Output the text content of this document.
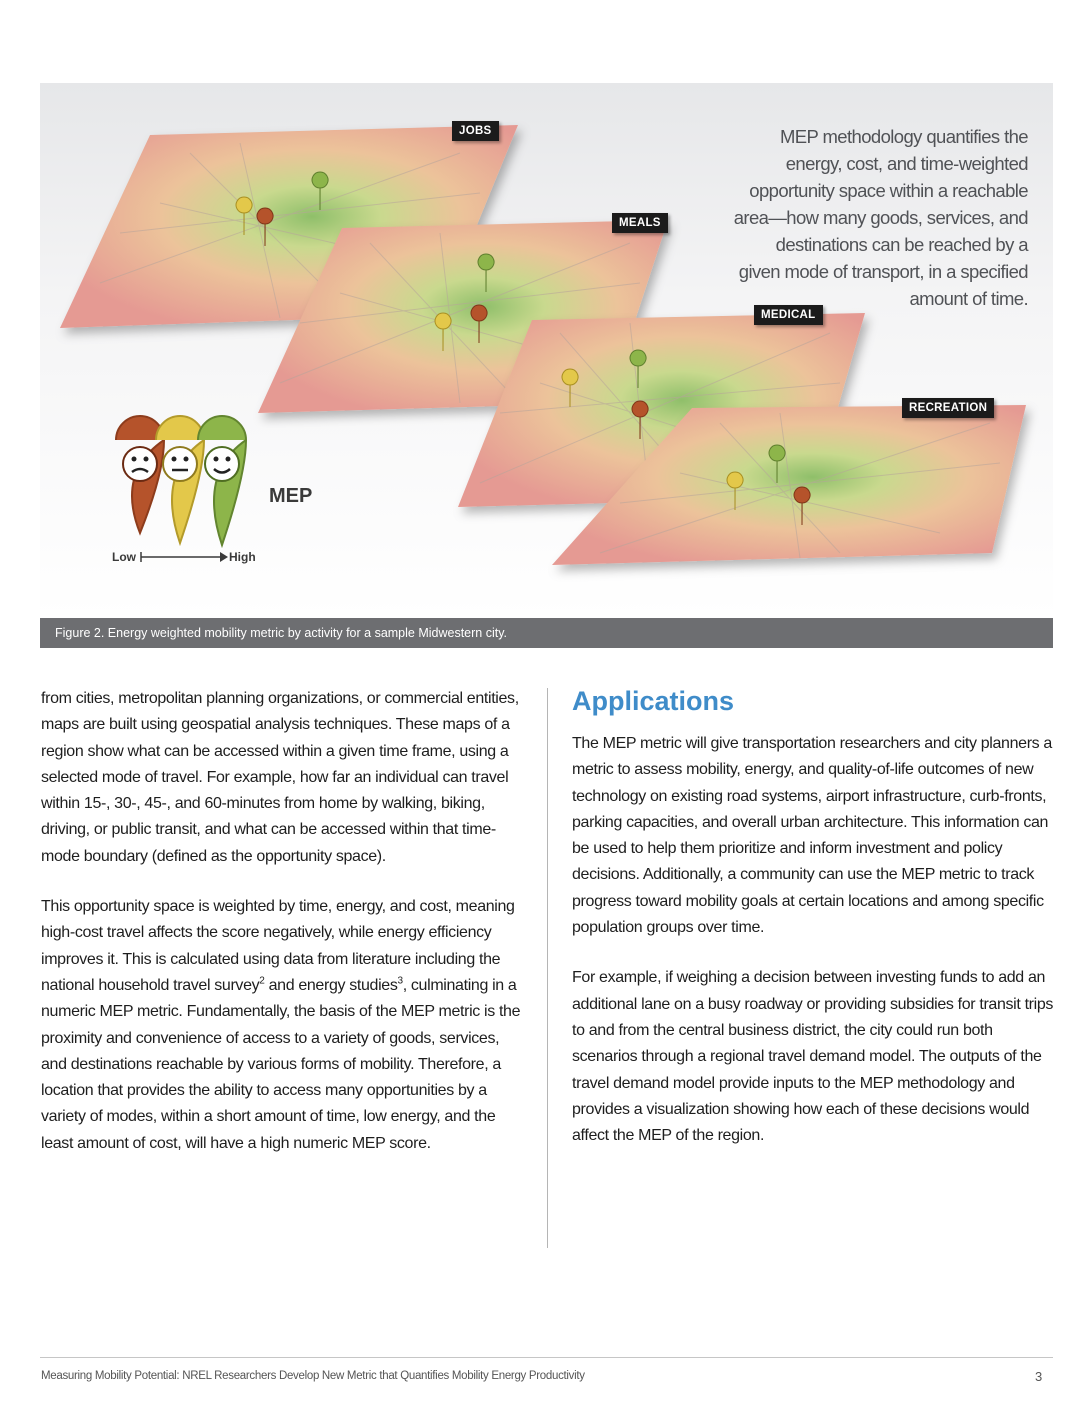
JOBS
MEALS
MEDICAL
RECREATION
MEP methodology quantifies the energy, cost, and time-weighted opportunity space within a reachable area—how many goods, services, and destinations can be reached by a given mode of transport, in a specified amount of time.
MEP
Low	High
Figure 2. Energy weighted mobility metric by activity for a sample Midwestern city.

from cities, metropolitan planning organizations, or commercial entities, maps are built using geospatial analysis techniques. These maps of a region show what can be accessed within a given time frame, using a selected mode of travel. For example, how far an individual can travel within 15-, 30-, 45-, and 60-minutes from home by walking, biking, driving, or public transit, and what can be accessed within that time-mode boundary (defined as the opportunity space).

This opportunity space is weighted by time, energy, and cost, meaning high-cost travel affects the score negatively, while energy efficiency improves it. This is calculated using data from literature including the national household travel survey$^2$ and energy studies$^3$, culminating in a numeric MEP metric. Fundamentally, the basis of the MEP metric is the proximity and convenience of access to a variety of goods, services, and destinations reachable by various forms of mobility. Therefore, a location that provides the ability to access many opportunities by a variety of modes, within a short amount of time, low energy, and the least amount of cost, will have a high numeric MEP score.

Applications

The MEP metric will give transportation researchers and city planners a metric to assess mobility, energy, and quality-of-life outcomes of new technology on existing road systems, airport infrastructure, curb-fronts, parking capacities, and overall urban architecture. This information can be used to help them prioritize and inform investment and policy decisions. Additionally, a community can use the MEP metric to track progress toward mobility goals at certain locations and among specific population groups over time.

For example, if weighing a decision between investing funds to add an additional lane on a busy roadway or providing subsidies for transit trips to and from the central business district, the city could run both scenarios through a regional travel demand model. The outputs of the travel demand model provide inputs to the MEP methodology and provides a visualization showing how each of these decisions would affect the MEP of the region.

Measuring Mobility Potential: NREL Researchers Develop New Metric that Quantifies Mobility Energy Productivity	3
